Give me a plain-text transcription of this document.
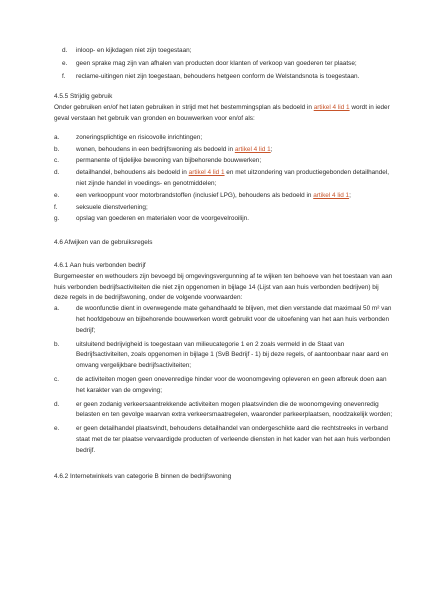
d.	inloop- en kijkdagen niet zijn toegestaan;
e.	geen sprake mag zijn van afhalen van producten door klanten of verkoop van goederen ter plaatse;
f.	reclame-uitingen niet zijn toegestaan, behoudens hetgeen conform de Welstandsnota is toegestaan.

4.5.5 Strijdig gebruik

Onder gebruiken en/of het laten gebruiken in strijd met het bestemmingsplan als bedoeld in artikel 4 lid 1 wordt in ieder geval verstaan het gebruik van gronden en bouwwerken voor en/of als:

a.	zoneringsplichtige en risicovolle inrichtingen;
b.	wonen, behoudens in een bedrijfswoning als bedoeld in artikel 4 lid 1;
c.	permanente of tijdelijke bewoning van bijbehorende bouwwerken;
d.	detailhandel, behoudens als bedoeld in artikel 4 lid 1 en met uitzondering van productiegebonden detailhandel, niet zijnde handel in voedings- en genotmiddelen;
e.	een verkooppunt voor motorbrandstoffen (inclusief LPG), behoudens als bedoeld in artikel 4 lid 1;
f.	seksuele dienstverlening;
g.	opslag van goederen en materialen voor de voorgevelrooilijn.

4.6 Afwijken van de gebruiksregels

4.6.1 Aan huis verbonden bedrijf

Burgemeester en wethouders zijn bevoegd bij omgevingsvergunning af te wijken ten behoeve van het toestaan van aan huis verbonden bedrijfsactiviteiten die niet zijn opgenomen in bijlage 14 (Lijst van aan huis verbonden bedrijven) bij deze regels in de bedrijfswoning, onder de volgende voorwaarden:

a.	de woonfunctie dient in overwegende mate gehandhaafd te blijven, met dien verstande dat maximaal 50 m² van het hoofdgebouw en bijbehorende bouwwerken wordt gebruikt voor de uitoefening van het aan huis verbonden bedrijf;
b.	uitsluitend bedrijvigheid is toegestaan van milieucategorie 1 en 2 zoals vermeld in de Staat van Bedrijfsactiviteiten, zoals opgenomen in bijlage 1 (SvB Bedrijf - 1) bij deze regels, of aantoonbaar naar aard en omvang vergelijkbare bedrijfsactiviteiten;
c.	de activiteiten mogen geen onevenredige hinder voor de woonomgeving opleveren en geen afbreuk doen aan het karakter van de omgeving;
d.	er geen zodanig verkeersaantrekkende activiteiten mogen plaatsvinden die de woonomgeving onevenredig belasten en ten gevolge waarvan extra verkeersmaatregelen, waaronder parkeerplaatsen, noodzakelijk worden;
e.	er geen detailhandel plaatsvindt, behoudens detailhandel van ondergeschikte aard die rechtstreeks in verband staat met de ter plaatse vervaardigde producten of verleende diensten in het kader van het aan huis verbonden bedrijf.

4.6.2 Internetwinkels van categorie B binnen de bedrijfswoning
